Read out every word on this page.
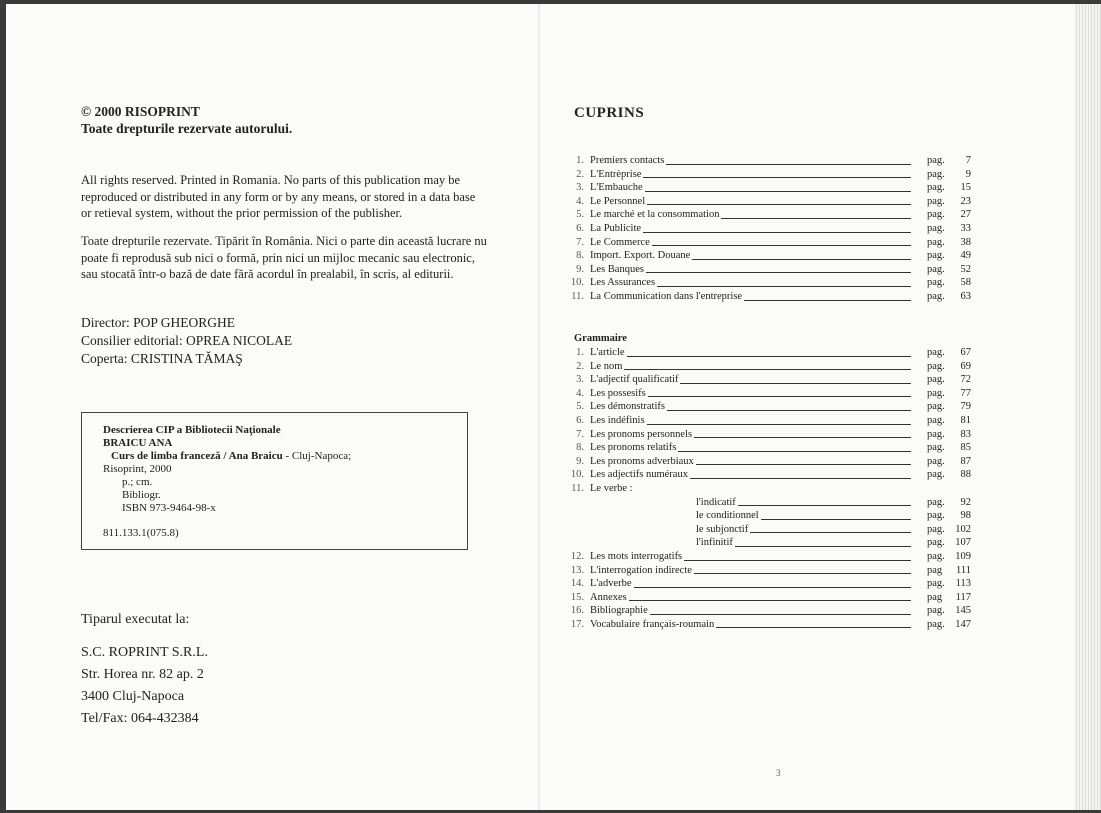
© 2000 RISOPRINT
Toate drepturile rezervate autorului.
All rights reserved. Printed in Romania. No parts of this publication may be
reproduced or distributed in any form or by any means, or stored in a data base
or retieval system, without the prior permission of the publisher.
Toate drepturile rezervate. Tipărit în România. Nici o parte din această lucrare nu
poate fi reprodusă sub nici o formă, prin nici un mijloc mecanic sau electronic,
sau stocată într-o bază de date fără acordul în prealabil, în scris, al editurii.
Director: POP GHEORGHE
Consilier editorial: OPREA NICOLAE
Coperta: CRISTINA TĂMAŞ
Descrierea CIP a Bibliotecii Naţionale
BRAICU ANA
Curs de limba franceză / Ana Braicu - Cluj-Napoca;
Risoprint, 2000
p.; cm.
Bibliogr.
ISBN 973-9464-98-x
811.133.1(075.8)
Tiparul executat la:
S.C. ROPRINT S.R.L.
Str. Horea nr. 82 ap. 2
3400 Cluj-Napoca
Tel/Fax: 064-432384
CUPRINS
1. Premiers contacts	pag.	7
2. L'Entrèprise	pag.	9
3. L'Embauche	pag.	15
4. Le Personnel	pag.	23
5. Le marché et la consommation	pag.	27
6. La Publicite	pag.	33
7. Le Commerce	pag.	38
8. Import. Export. Douane	pag.	49
9. Les Banques	pag.	52
10. Les Assurances	pag.	58
11. La Communication dans l'entreprise	pag.	63
Grammaire
1. L'article	pag.	67
2. Le nom	pag.	69
3. L'adjectif qualificatif	pag.	72
4. Les possesifs	pag.	77
5. Les démonstratifs	pag.	79
6. Les indéfinis	pag.	81
7. Les pronoms personnels	pag.	83
8. Les pronoms relatifs	pag.	85
9. Les pronoms adverbiaux	pag.	87
10. Les adjectifs numéraux	pag.	88
11. Le verbe :
l'indicatif	pag.	92
le conditionnel	pag.	98
le subjonctif	pag. 102
l'infinitif	pag. 107
12. Les mots interrogatifs	pag. 109
13. L'interrogation indirecte	pag	111
14. L'adverbe	pag.	113
15. Annexes	pag	117
16. Bibliographie	pag. 145
17. Vocabulaire français-roumain	pag. 147
3
